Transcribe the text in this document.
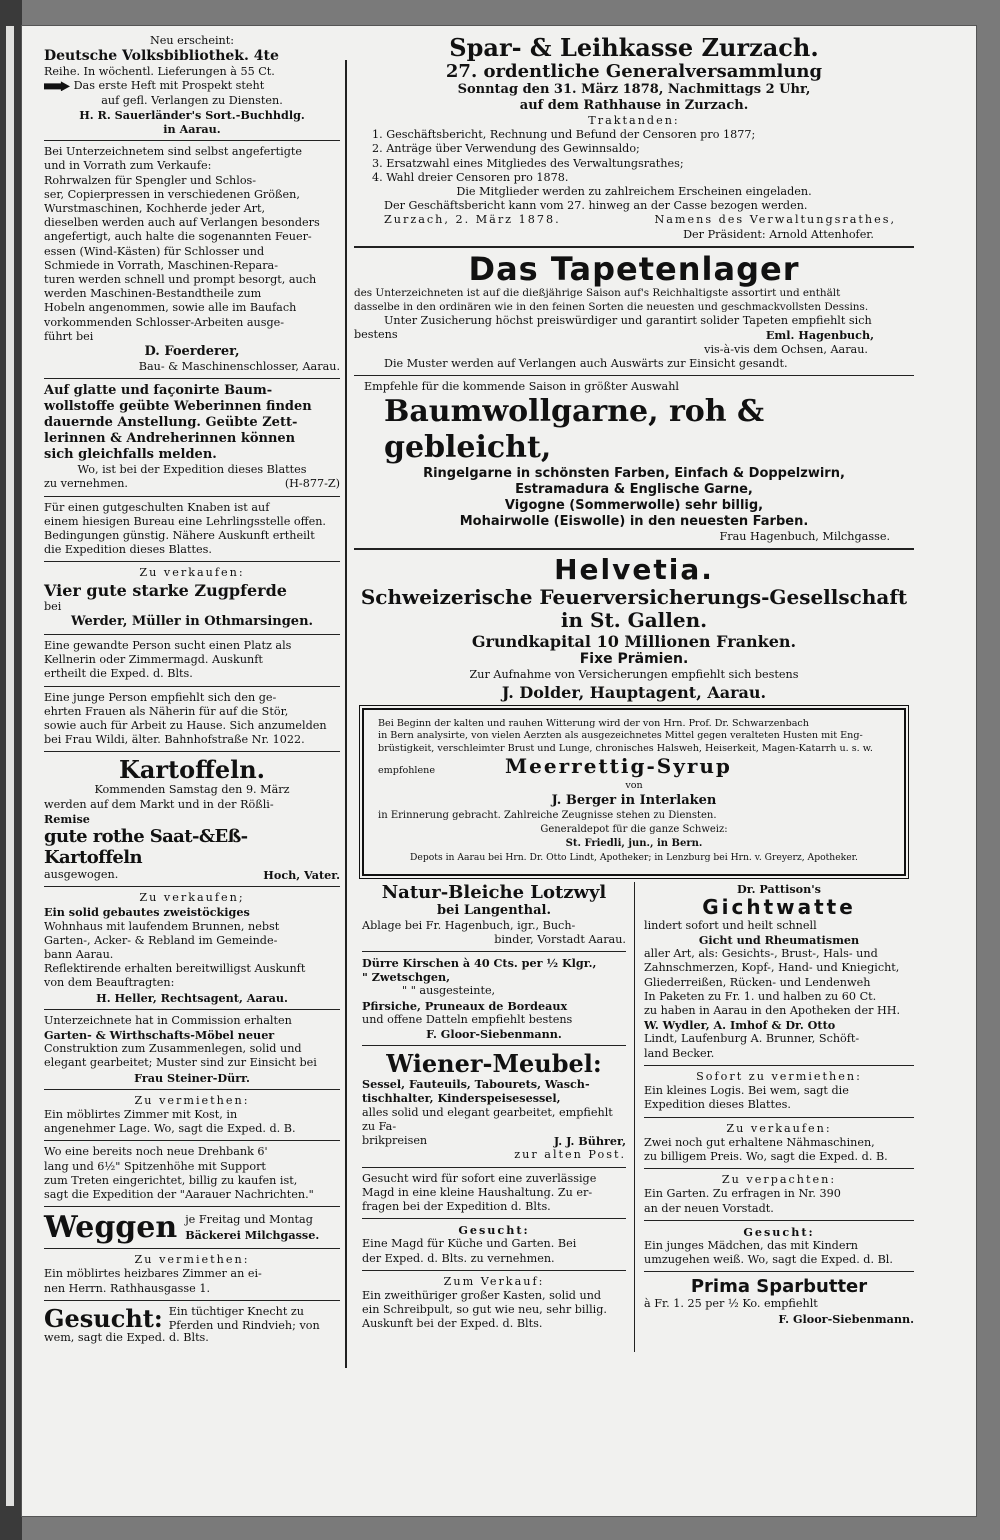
Neu erscheint:

Deutsche Volksbibliothek. 4te

Reihe. In wöchentl. Lieferungen à 55 Ct.

Das erste Heft mit Prospekt steht

auf gefl. Verlangen zu Diensten.

H. R. Sauerländer's Sort.-Buchhdlg.

in Aarau.

Bei Unterzeichnetem sind selbst angefertigte

und in Vorrath zum Verkaufe:

Rohrwalzen für Spengler und Schlos-

ser, Copierpressen in verschiedenen Größen,

Wurstmaschinen, Kochherde jeder Art,

dieselben werden auch auf Verlangen besonders

angefertigt, auch halte die sogenannten Feuer-

essen (Wind-Kästen) für Schlosser und

Schmiede in Vorrath, Maschinen-Repara-

turen werden schnell und prompt besorgt, auch

werden Maschinen-Bestandtheile zum

Hobeln angenommen, sowie alle im Baufach

vorkommenden Schlosser-Arbeiten ausge-

führt bei

D. Foerderer,

Bau- & Maschinenschlosser, Aarau.

Auf glatte und façonirte Baum-

wollstoffe geübte Weberinnen finden

dauernde Anstellung. Geübte Zett-

lerinnen & Andreherinnen können

sich gleichfalls melden.

Wo, ist bei der Expedition dieses Blattes

zu vernehmen.	(H-877-Z)

Für einen gutgeschulten Knaben ist auf

einem hiesigen Bureau eine Lehrlingsstelle offen.

Bedingungen günstig. Nähere Auskunft ertheilt

die Expedition dieses Blattes.

Zu verkaufen:

Vier gute starke Zugpferde

bei

Werder, Müller in Othmarsingen.

Eine gewandte Person sucht einen Platz als

Kellnerin oder Zimmermagd. Auskunft

ertheilt die Exped. d. Blts.

Eine junge Person empfiehlt sich den ge-

ehrten Frauen als Näherin für auf die Stör,

sowie auch für Arbeit zu Hause. Sich anzumelden

bei Frau Wildi, älter. Bahnhofstraße Nr. 1022.

Kartoffeln.

Kommenden Samstag den 9. März

werden auf dem Markt und in der Rößli-

Remise

gute rothe Saat-&Eß-Kartoffeln

ausgewogen.	Hoch, Vater.

Zu verkaufen;

Ein solid gebautes zweistöckiges

Wohnhaus mit laufendem Brunnen, nebst

Garten-, Acker- & Rebland im Gemeinde-

bann Aarau.

Reflektirende erhalten bereitwilligst Auskunft

von dem Beauftragten:

H. Heller, Rechtsagent, Aarau.

Unterzeichnete hat in Commission erhalten

Garten- & Wirthschafts-Möbel neuer

Construktion zum Zusammenlegen, solid und

elegant gearbeitet; Muster sind zur Einsicht bei

Frau Steiner-Dürr.

Zu vermiethen:

Ein möblirtes Zimmer mit Kost, in

angenehmer Lage. Wo, sagt die Exped. d. B.

Wo eine bereits noch neue Drehbank 6'

lang und 6½" Spitzenhöhe mit Support

zum Treten eingerichtet, billig zu kaufen ist,

sagt die Expedition der "Aarauer Nachrichten."

Weggen je Freitag und Montag

Bäckerei Milchgasse.

Zu vermiethen:

Ein möblirtes heizbares Zimmer an ei-

nen Herrn. Rathhausgasse 1.

Gesucht: Ein tüchtiger Knecht zu

Pferden und Rindvieh; von

wem, sagt die Exped. d. Blts.

Spar- & Leihkasse Zurzach.

27. ordentliche Generalversammlung

Sonntag den 31. März 1878, Nachmittags 2 Uhr,

auf dem Rathhause in Zurzach.

Traktanden:

1. Geschäftsbericht, Rechnung und Befund der Censoren pro 1877;

2. Anträge über Verwendung des Gewinnsaldo;

3. Ersatzwahl eines Mitgliedes des Verwaltungsrathes;

4. Wahl dreier Censoren pro 1878.

Die Mitglieder werden zu zahlreichem Erscheinen eingeladen.

Der Geschäftsbericht kann vom 27. hinweg an der Casse bezogen werden.

Zurzach, 2. März 1878.	Namens des Verwaltungsrathes,

Der Präsident: Arnold Attenhofer.

Das Tapetenlager

des Unterzeichneten ist auf die dießjährige Saison auf's Reichhaltigste assortirt und enthält

dasselbe in den ordinären wie in den feinen Sorten die neuesten und geschmackvollsten Dessins.

Unter Zusicherung höchst preiswürdiger und garantirt solider Tapeten empfiehlt sich

bestens	Eml. Hagenbuch,

vis-à-vis dem Ochsen, Aarau.

Die Muster werden auf Verlangen auch Auswärts zur Einsicht gesandt.

Empfehle für die kommende Saison in größter Auswahl

Baumwollgarne, roh & gebleicht,

Ringelgarne in schönsten Farben, Einfach & Doppelzwirn,

Estramadura & Englische Garne,

Vigogne (Sommerwolle) sehr billig,

Mohairwolle (Eiswolle) in den neuesten Farben.

Frau Hagenbuch, Milchgasse.

Helvetia.

Schweizerische Feuerversicherungs-Gesellschaft in St. Gallen.

Grundkapital 10 Millionen Franken.

Fixe Prämien.

Zur Aufnahme von Versicherungen empfiehlt sich bestens

J. Dolder, Hauptagent, Aarau.

Bei Beginn der kalten und rauhen Witterung wird der von Hrn. Prof. Dr. Schwarzenbach

in Bern analysirte, von vielen Aerzten als ausgezeichnetes Mittel gegen veralteten Husten mit Eng-

brüstigkeit, verschleimter Brust und Lunge, chronisches Halsweh, Heiserkeit, Magen-Katarrh u. s. w.

empfohlene	Meerrettig-Syrup

von

J. Berger in Interlaken

in Erinnerung gebracht. Zahlreiche Zeugnisse stehen zu Diensten.

Generaldepot für die ganze Schweiz:

St. Friedli, jun., in Bern.

Depots in Aarau bei Hrn. Dr. Otto Lindt, Apotheker; in Lenzburg bei Hrn. v. Greyerz, Apotheker.

Natur-Bleiche Lotzwyl

bei Langenthal.

Ablage bei Fr. Hagenbuch, igr., Buch-

binder, Vorstadt Aarau.

Dürre Kirschen à 40 Cts. per ½ Klgr.,

" Zwetschgen,

" " ausgesteinte,

Pfirsiche, Pruneaux de Bordeaux

und offene Datteln empfiehlt bestens

F. Gloor-Siebenmann.

Wiener-Meubel:

Sessel, Fauteuils, Tabourets, Wasch-

tischhalter, Kinderspeisesessel,

alles solid und elegant gearbeitet, empfiehlt zu Fa-

brikpreisen	J. J. Bührer,

zur alten Post.

Gesucht wird für sofort eine zuverlässige

Magd in eine kleine Haushaltung. Zu er-

fragen bei der Expedition d. Blts.

Gesucht:

Eine Magd für Küche und Garten. Bei

der Exped. d. Blts. zu vernehmen.

Zum Verkauf:

Ein zweithüriger großer Kasten, solid und

ein Schreibpult, so gut wie neu, sehr billig.

Auskunft bei der Exped. d. Blts.

Dr. Pattison's

Gichtwatte

lindert sofort und heilt schnell

Gicht und Rheumatismen

aller Art, als: Gesichts-, Brust-, Hals- und

Zahnschmerzen, Kopf-, Hand- und Kniegicht,

Gliederreißen, Rücken- und Lendenweh

In Paketen zu Fr. 1. und halben zu 60 Ct.

zu haben in Aarau in den Apotheken der HH.

W. Wydler, A. Imhof & Dr. Otto

Lindt, Laufenburg A. Brunner, Schöft-

land Becker.

Sofort zu vermiethen:

Ein kleines Logis. Bei wem, sagt die

Expedition dieses Blattes.

Zu verkaufen:

Zwei noch gut erhaltene Nähmaschinen,

zu billigem Preis. Wo, sagt die Exped. d. B.

Zu verpachten:

Ein Garten. Zu erfragen in Nr. 390

an der neuen Vorstadt.

Gesucht:

Ein junges Mädchen, das mit Kindern

umzugehen weiß. Wo, sagt die Exped. d. Bl.

Prima Sparbutter

à Fr. 1. 25 per ½ Ko. empfiehlt

F. Gloor-Siebenmann.
